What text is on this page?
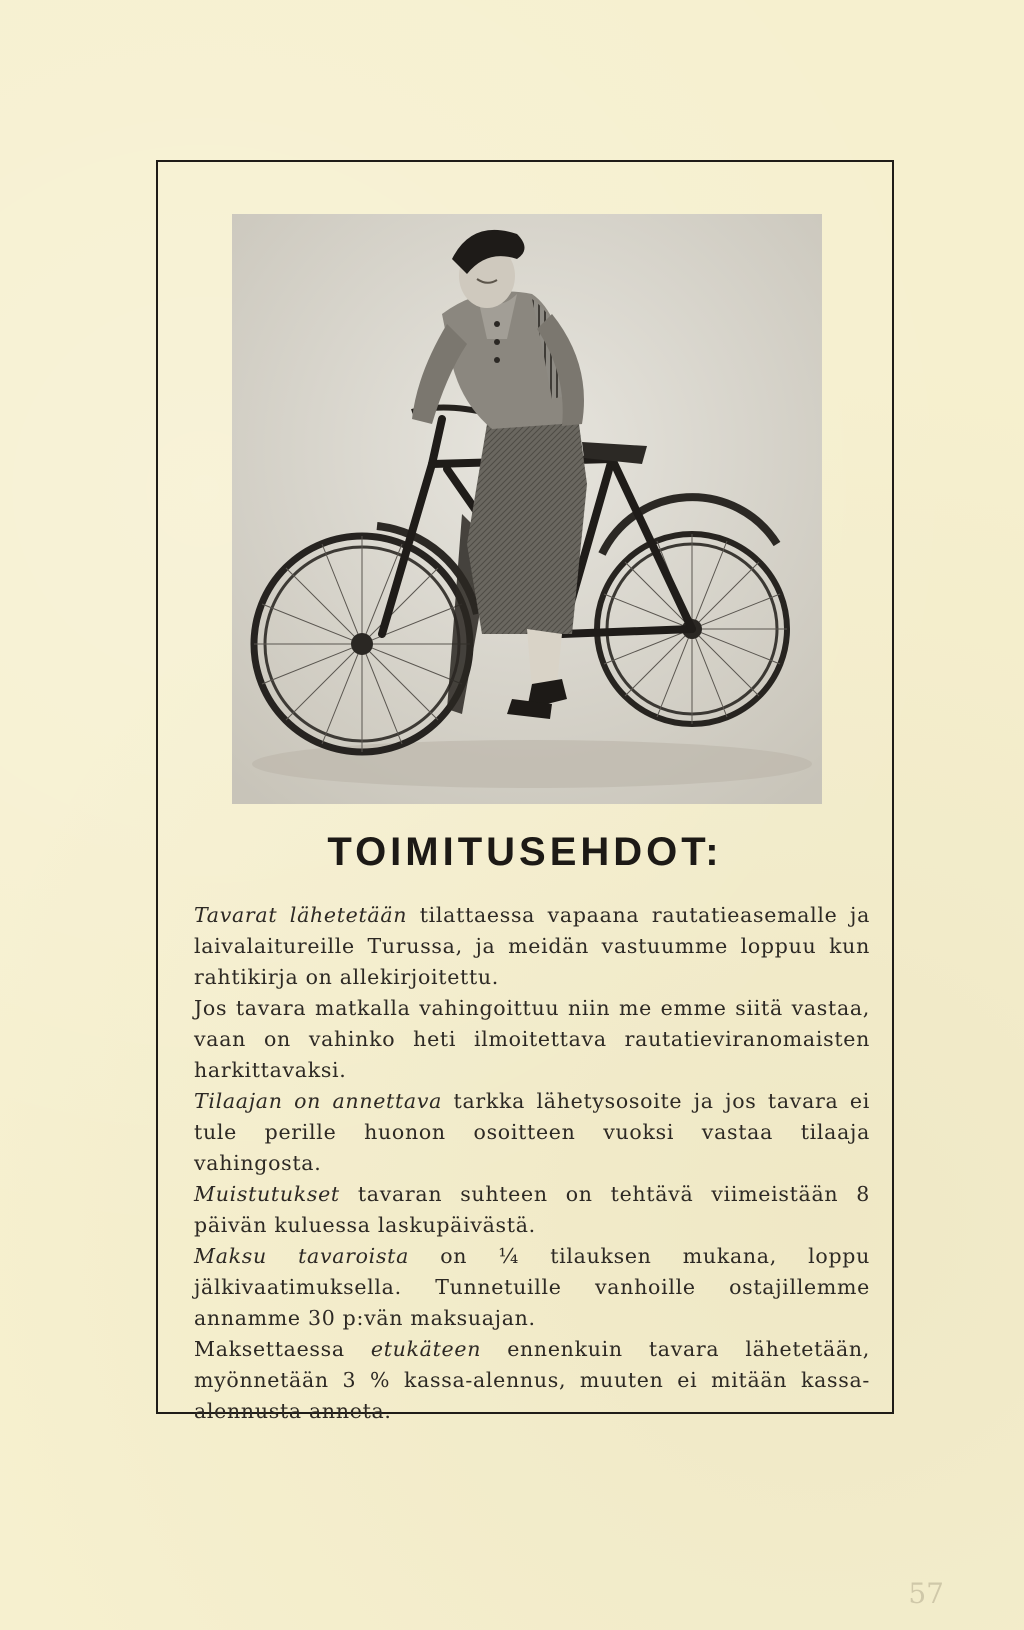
TOIMITUSEHDOT:

Tavarat lähetetään tilattaessa vapaana rautatieasemalle ja laivalaitureille Turussa, ja meidän vastuumme loppuu kun rahtikirja on allekirjoitettu.

Jos tavara matkalla vahingoittuu niin me emme siitä vastaa, vaan on vahinko heti ilmoitettava rautatieviranomaisten harkittavaksi.

Tilaajan on annettava tarkka lähetysosoite ja jos tavara ei tule perille huonon osoitteen vuoksi vastaa tilaaja vahingosta.

Muistutukset tavaran suhteen on tehtävä viimeistään 8 päivän kuluessa laskupäivästä.

Maksu tavaroista on ¼ tilauksen mukana, loppu jälkivaatimuksella. Tunnetuille vanhoille ostajillemme annamme 30 p:vän maksuajan.

Maksettaessa etukäteen ennenkuin tavara lähetetään, myönnetään 3 % kassa-alennus, muuten ei mitään kassa-alennusta anneta.

57
